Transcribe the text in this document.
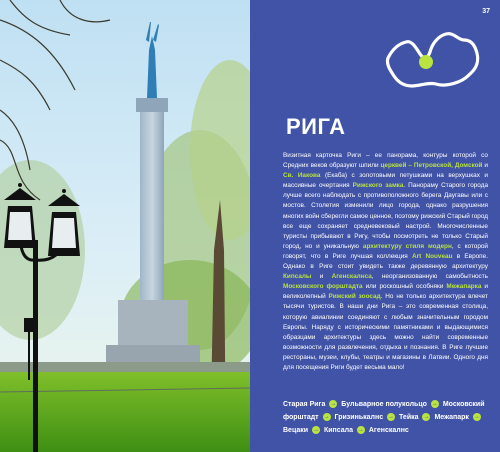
37
РИГА

Визитная карточка Риги – ее панорама, контуры которой со Средних веков образуют шпили церквей – Петровской, Домской и Св. Иакова (Екаба) с золотовыми петушками на верхушках и массивные очертания Рижского замка. Панораму Старого города лучше всего наблюдать с противоположного берега Даугавы или с мостов. Столетия изменили лицо города, однако разрушения многих войн сберегли самое ценное, поэтому рижский Старый город все еще сохраняет средневековый настрой. Многочисленные туристы прибывают в Ригу, чтобы посмотреть не только Старый город, но и уникальную архитектуру стиля модерн, с которой говорят, что в Риге лучшая коллекция Art Nouveau в Европе. Однако в Риге стоит увидеть также деревянную архитектуру Кипсалы и Агенскалнса, неорганизованную самобытность Московского форштадта или роскошный особняки Межапарка и великолепный Рижский зоосад. Но не только архитектура влечет тысячи туристов. В наши дни Рига – это современная столица, которую авиалинии соединяют с любым значительным городом Европы. Наряду с историческими памятниками и выдающимися образцами архитектуры здесь можно найти современные возможности для развлечения, отдыха и познания. В Риге лучшие рестораны, музеи, клубы, театры и магазины в Латвии. Одного дня для посещения Риги будет весьма мало!

Старая Рига → Бульварное полукольцо → Московский форштадт → Гризинькалнс → Тейка → Межапарк → Вецаки → Кипсала → Агенскалнс
